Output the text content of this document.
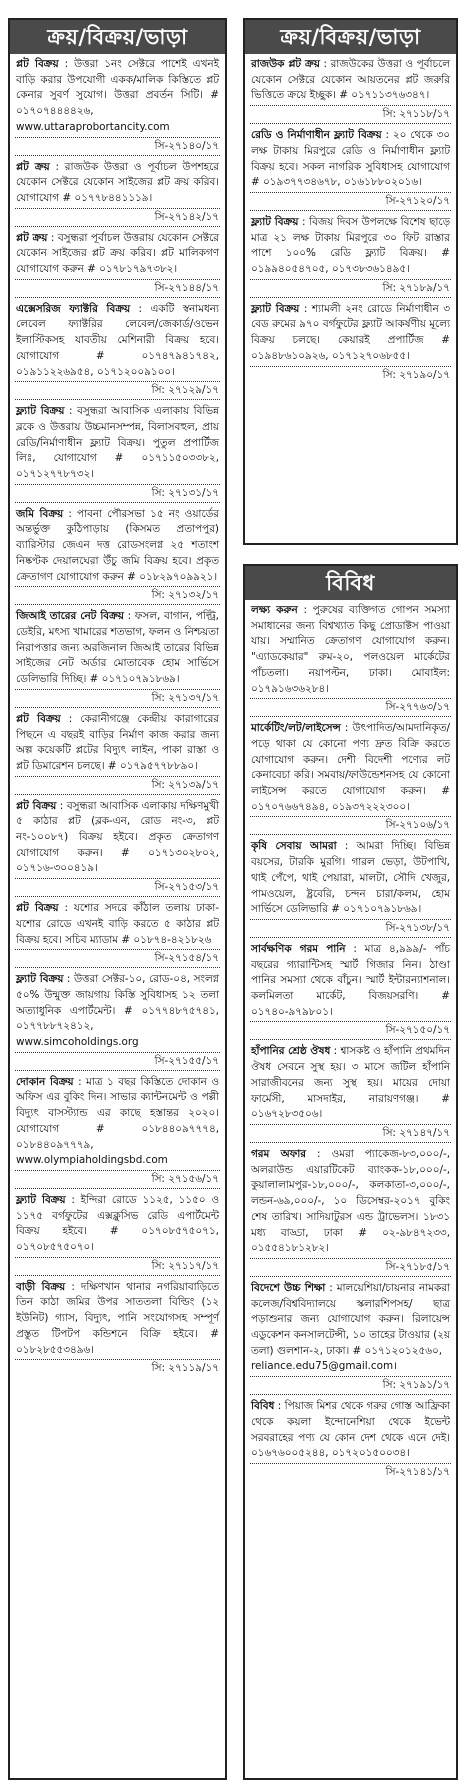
ক্রয়/বিক্রয়/ভাড়া
প্লট বিক্রয় : উত্তরা ১নং সেক্টরে পাশেই এখনই বাড়ি করার উপযোগী একক/মালিক কিস্তিতে প্লট কেনার সুবর্ণ সুযোগ। উত্তরা প্রবর্তন সিটি। # ০১৭০৭৪৪৪৪২৬,
www.uttaraprobortancity.com
সি-২৭১৪০/১৭
প্লট ক্রয় : রাজউক উত্তরা ও পূর্বাচল উপশহরে যেকোন সেক্টরে যেকোন সাইজের প্লট ক্রয় করিব। যোগাযোগ # ০১৭৭৮৪৪১১১৯।
সি-২৭১৪২/১৭
প্লট ক্রয় : বসুন্ধরা পূর্বাচল উত্তরায় যেকোন সেক্টরে যেকোন সাইজের প্লট ক্রয় করিব। প্লট মালিকগণ যোগাযোগ করুন # ০১৭৮১৭৯৭৩৮২।
সি-২৭১৪৪/১৭
এক্সেসরিজ ফ্যাক্টরি বিক্রয় : একটি স্বনামধন্য লেবেল ফ্যাক্টরির লেবেল/জেকার্ড/ওভেন ইলাস্টিকসহ যাবতীয় মেশিনারী বিক্রয় হবে। যোগাযোগ # ০১৭৪৭৯৪১৭৪২, ০১৯১১২২৬৯৫৪, ০১৭১২০০৯১০০।
সি: ২৭১২৯/১৭
ফ্ল্যাট বিক্রয় : বসুন্ধরা আবাসিক এলাকায় বিভিন্ন ব্লকে ও উত্তরায় উচ্চমানসম্পন্ন, বিলাসবহুল, প্রায় রেডি/নির্মাণাধীন ফ্ল্যাট বিক্রয়। পুতুল প্রপার্টিজ লিঃ, যোগাযোগ # ০১৭১১৫০৩৩৮২, ০১৭১২৭৭৮৭৩২।
সি: ২৭১৩১/১৭
জমি বিক্রয় : পাবনা পৌরসভা ১৫ নং ওয়ার্ডের অন্তর্ভুক্ত কুঠিপাড়ায় (কিসমত প্রতাপপুর) ব্যারিস্টার জেএন দত্ত রোডসংলগ্ন ২৫ শতাংশ নিষ্কণ্টক দেয়ালঘেরা উঁচু জমি বিক্রয় হবে। প্রকৃত ক্রেতাগণ যোগাযোগ করুন # ০১৮২৯৭০৯৯২১।
সি: ২৭১৩২/১৭
জিআই তারের নেট বিক্রয় : ফসল, বাগান, পল্ট্রি, ডেইরি, মৎস্য খামারের শতভাগ, ফলন ও নিশ্চয়তা নিরাপত্তার জন্য অরজিনাল জিআই তারের বিভিন্ন সাইজের নেট অর্ডার মোতাবেক হোম সার্ভিসে ডেলিভারি দিচ্ছি। # ০১৭১০৭৯১৮৬৯।
সি: ২৭১৩৭/১৭
প্লট বিক্রয় : কেরানীগঞ্জে কেন্দ্রীয় কারাগারের পিছনে এ বছরই বাড়ির নির্মাণ কাজ করার জন্য অল্প কয়েকটি প্লটের বিদ্যুৎ লাইন, পাকা রাস্তা ও প্লট ডিমারেশন চলছে। # ০১৭৯৫৭৭৮৮৯০।
সি: ২৭১৩৯/১৭
প্লট বিক্রয় : বসুন্ধরা আবাসিক এলাকায় দক্ষিণমুখী ৫ কাঠার প্লট (ব্লক-এন, রোড নং-৩, প্লট নং-১০০৮৭) বিক্রয় হইবে। প্রকৃত ক্রেতাগণ যোগাযোগ করুন। # ০১৭১৩০২৮০২, ০১৭১৬-৩০০৪১৯।
সি-২৭১৫৩/১৭
প্লট বিক্রয় : যশোর সদরে কাঁঠাল তলায় ঢাকা-যশোর রোডে এখনই বাড়ি করতে ৫ কাঠার প্লট বিক্রয় হবে। সচিব ম্যাডাম # ০১৮৭৪-৪২১৮২৬
সি-২৭১৫৪/১৭
ফ্ল্যাট বিক্রয় : উত্তরা সেক্টর-১০, রোড-০৪, সংলগ্ন ৫০% উন্মুক্ত জায়গায় কিস্তি সুবিধাসহ ১২ তলা অত্যাধুনিক এপার্টমেন্ট। # ০১৭৭৪৮৭৫৭৪১, ০১৭৭৮৮৭২৪১২,
www.simcoholdings.org
সি-২৭১৫৫/১৭
দোকান বিক্রয় : মাত্র ১ বছর কিস্তিতে দোকান ও অফিস এর বুকিং দিন। সাভার ক্যান্টনমেন্ট ও পল্লী বিদ্যুৎ বাসস্ট্যান্ড এর কাছে হস্তান্তর ২০২০। যোগাযোগ # ০১৮৪৪০৯৭৭৭৪, ০১৮৪৪০৯৭৭৭৯,
www.olympiaholdingsbd.com
সি: ২৭১৫৬/১৭
ফ্ল্যাট বিক্রয় : ইন্দিরা রোডে ১১২৫, ১১৫০ ও ১১৭৫ বর্গফুটের এক্সক্লুসিভ রেডি এপার্টমেন্ট বিক্রয় হইবে। # ০১৭০৮৫৭৫০৭১, ০১৭০৮৫৭৫০৭০।
সি: ২৭১১৭/১৭
বাড়ী বিক্রয় : দক্ষিণখান থানার নগরিয়াবাড়িতে তিন কাঠা জমির উপর সাততলা বিল্ডিং (১২ ইউনিট) গ্যাস, বিদ্যুৎ, পানি সংযোগসহ সম্পূর্ণ প্রস্তুত টিপটপ কন্ডিশনে বিক্রি হইবে। # ০১৮২৮৫৫৩৪৯৬।
সি: ২৭১১৯/১৭
ক্রয়/বিক্রয়/ভাড়া
রাজউক প্লট ক্রয় : রাজউকের উত্তরা ও পূর্বাচলে যেকোন সেক্টরে যেকোন আয়তনের প্লট জরুরি ভিত্তিতে ক্রয়ে ইচ্ছুক। # ০১৭১১৩৭৬৩৪৭।
সি: ২৭১১৮/১৭
রেডি ও নির্মাণাধীন ফ্ল্যাট বিক্রয় : ২০ থেকে ৩০ লক্ষ টাকায় মিরপুরে রেডি ও নির্মাণাধীন ফ্ল্যাট বিক্রয় হবে। সকল নাগরিক সুবিধাসহ যোগাযোগ # ০১৯৩৭৭৩৪৬৭৮, ০১৬১৮৮০২০১৬।
সি-২৭১২০/১৭
ফ্ল্যাট বিক্রয় : বিজয় দিবস উপলক্ষে বিশেষ ছাড়ে মাত্র ২১ লক্ষ টাকায় মিরপুরে ৩০ ফিট রাস্তার পাশে ১০০% রেডি ফ্ল্যাট বিক্রয়। # ০১৯৯৪০৫৪৭০৫, ০১৭৩৮৩৬১৪৯৫।
সি: ২৭১৮৯/১৭
ফ্ল্যাট বিক্রয় : শ্যামলী ২নং রোডে নির্মাণাধীন ৩ বেড রুমের ৯৭০ বর্গফুটের ফ্ল্যাট আকর্ষণীয় মূল্যে বিক্রয় চলছে। কেয়ারই প্রপার্টিজ # ০১৯৪৮৬১০৯২৬, ০১৭১২৭০৬৮৫৫।
সি: ২৭১৯০/১৭
বিবিধ
লক্ষ্য করুন : পুরুষের ব্যক্তিগত গোপন সমস্যা সমাধানের জন্য বিশ্বখ্যাত কিছু প্রোডাক্টস পাওয়া যায়। সম্মানিত ক্রেতাগণ যোগাযোগ করুন। "এ্যাডকেয়ার" রুম-২০, পলওয়েল মার্কেটের পাঁচতলা। নয়াপল্টন, ঢাকা। মোবাইল: ০১৭৯১৬৩৬২৮৪।
সি-২৭৭৬৩/১৭
মার্কেটিং/লট/লাইসেন্স : উৎপাদিত/আমদানিকৃত/পড়ে থাকা যে কোনো পণ্য দ্রুত বিক্রি করতে যোগাযোগ করুন। দেশী বিদেশী পণ্যের লট কেনাবেচা করি। সমবায়/ফাউন্ডেশনসহ যে কোনো লাইসেন্স করতে যোগাযোগ করুন। # ০১৭০৭৬৬৭৪৯৪, ০১৯৩৭২২২৩০০।
সি-২৭১০৬/১৭
কৃষি সেবায় আমরা : আমরা দিচ্ছি। বিভিন্ন বয়সের, টারকি মুরগি। গারল ভেড়া, উটপাখি, থাই পেঁপে, থাই পেয়ারা, মালটা, সৌদি খেজুর, পামওয়েল, ষ্ট্রবেরি, চন্দন চারা/কলম, হোম সার্ভিসে ডেলিভারি # ০১৭১০৭৯১৮৬৯।
সি-২৭১৩৮/১৭
সার্বক্ষণিক গরম পানি : মাত্র ৪,৯৯৯/- পাঁচ বছরের গ্যারান্টিসহ স্মার্ট গিজার নিন। ঠাণ্ডা পানির সমস্যা থেকে বাঁচুন। স্মার্ট ইন্টারন্যাশনাল। কলমিলতা মার্কেট, বিজয়সরণি। # ০১৭৪০-৯৭৯৮০১।
সি-২৭১৫০/১৭
হাঁপানির শ্রেষ্ঠ ঔষধ : শ্বাসকষ্ট ও হাঁপানি প্রথমদিন ঔষধ সেবনে সুস্থ হয়। ৩ মাসে জটিল হাঁপানি সারাজীবনের জন্য সুস্থ হয়। মায়ের দোয়া ফার্মেসী, মাসদাইর, নারায়ণগঞ্জ। # ০১৬৭২৮৩৫০৬।
সি: ২৭১৪৭/১৭
গরম অফার : ওমরা প্যাকেজ-৮৩,০০০/-, অলরাউন্ড এয়ারটিকেট ব্যাংকক-১৮,০০০/-, কুয়ালালামপুর-১৮,০০০/-, কলকাতা-৩,০০০/-, লন্ডন-৬৯,০০০/-, ১০ ডিসেম্বর-২০১৭ বুকিং শেষ তারিখ। সাদিয়াটুরস এন্ড ট্রাভেলস। ১৮৩১ মধ্য বাড্ডা, ঢাকা # ০২-৯৮৪৭২৩৩, ০১৫৫৪১৮১২৮২।
সি-২৭১৮৫/১৭
বিদেশে উচ্চ শিক্ষা : মালয়েশিয়া/চায়নার নামকরা কলেজ/বিশ্ববিদ্যালয়ে স্কলারশিপসহ/ ছাত্র পড়াশুনার জন্য যোগাযোগ করুন। রিলায়েন্স এডুকেশন কনসালটেন্সী, ১০ তাহের টাওয়ার (২য় তলা) গুলশান-২, ঢাকা। # ০১৭১২০১২৫৬০,
reliance.edu75@gmail.com।
সি: ২৭১৯১/১৭
বিবিধ : পিয়াজ মিশর থেকে গরুর গোস্ত আফ্রিকা থেকে কয়লা ইন্দোনেশিয়া থেকে ইভেন্ট সরবরাহের পণ্য যে কোন দেশ থেকে এনে দেই। ০১৬৭৬০০৫২৪৪, ০১৭২০১৫০০৩৪।
সি-২৭১৪১/১৭
